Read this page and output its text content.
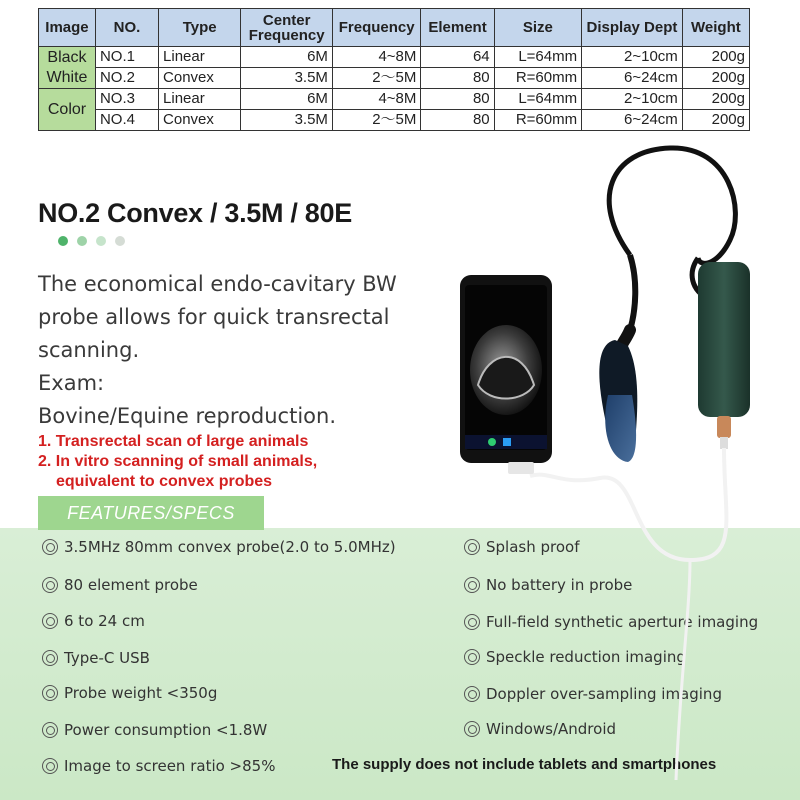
Image	NO.	Type	Center Frequency	Frequency	Element	Size	Display Dept	Weight
Black White	NO.1	Linear	6M	4~8M	64	L=64mm	2~10cm	200g
	NO.2	Convex	3.5M	2～5M	80	R=60mm	6~24cm	200g
Color	NO.3	Linear	6M	4~8M	80	L=64mm	2~10cm	200g
	NO.4	Convex	3.5M	2～5M	80	R=60mm	6~24cm	200g
NO.2 Convex / 3.5M / 80E

The economical endo-cavitary BW

probe allows for quick transrectal

scanning.

Exam:

Bovine/Equine reproduction.

1. Transrectal scan of large animals
2. In vitro scanning of small animals,
equivalent to convex probes
FEATURES/SPECS
3.5MHz 80mm convex probe(2.0 to 5.0MHz)
80 element probe
6 to 24 cm
Type-C USB
Probe weight <350g
Power consumption <1.8W
Image to screen ratio >85%
Splash proof
No battery in probe
Full-field synthetic aperture imaging
Speckle reduction imaging
Doppler over-sampling imaging
Windows/Android
The supply does not include tablets and smartphones
